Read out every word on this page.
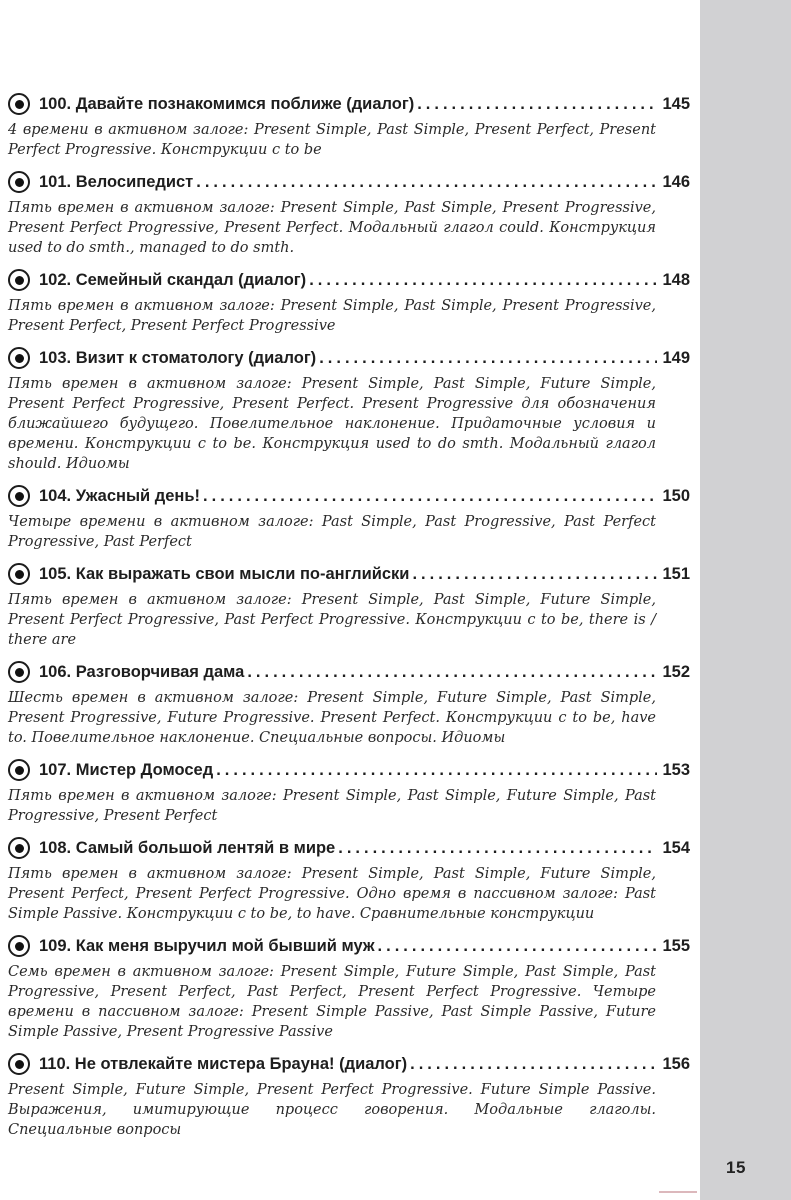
100. Давайте познакомимся поближе (диалог) .....	145

4 времени в активном залоге: Present Simple, Past Simple, Present Perfect, Present Perfect Progressive. Конструкции с to be

101. Велосипедист .....	146

Пять времен в активном залоге: Present Simple, Past Simple, Present Progressive, Present Perfect Progressive, Present Perfect. Модальный глагол could. Конструкция used to do smth., managed to do smth.

102. Семейный скандал (диалог) .....	148

Пять времен в активном залоге: Present Simple, Past Simple, Present Progressive, Present Perfect, Present Perfect Progressive

103. Визит к стоматологу (диалог) .....	149

Пять времен в активном залоге: Present Simple, Past Simple, Future Simple, Present Perfect Progressive, Present Perfect. Present Progressive для обозначения ближайшего будущего. Повелительное наклонение. Придаточные условия и времени. Конструкции с to be. Конструкция used to do smth. Модальный глагол should. Идиомы

104. Ужасный день! .....	150

Четыре времени в активном залоге: Past Simple, Past Progressive, Past Perfect Progressive, Past Perfect

105. Как выражать свои мысли по-английски .....	151

Пять времен в активном залоге: Present Simple, Past Simple, Future Simple, Present Perfect Progressive, Past Perfect Progressive. Конструкции с to be, there is / there are

106. Разговорчивая дама .....	152

Шесть времен в активном залоге: Present Simple, Future Simple, Past Simple, Present Progressive, Future Progressive. Present Perfect. Конструкции с to be, have to. Повелительное наклонение. Специальные вопросы. Идиомы

107. Мистер Домосед .....	153

Пять времен в активном залоге: Present Simple, Past Simple, Future Simple, Past Progressive, Present Perfect

108. Самый большой лентяй в мире .....	154

Пять времен в активном залоге: Present Simple, Past Simple, Future Simple, Present Perfect, Present Perfect Progressive. Одно время в пассивном залоге: Past Simple Passive. Конструкции с to be, to have. Сравнительные конструкции

109. Как меня выручил мой бывший муж .....	155

Семь времен в активном залоге: Present Simple, Future Simple, Past Simple, Past Progressive, Present Perfect, Past Perfect, Present Perfect Progressive. Четыре времени в пассивном залоге: Present Simple Passive, Past Simple Passive, Future Simple Passive, Present Progressive Passive

110. Не отвлекайте мистера Брауна! (диалог) .....	156

Present Simple, Future Simple, Present Perfect Progressive. Future Simple Passive. Выражения, имитирующие процесс говорения. Модальные глаголы. Специальные вопросы

15
